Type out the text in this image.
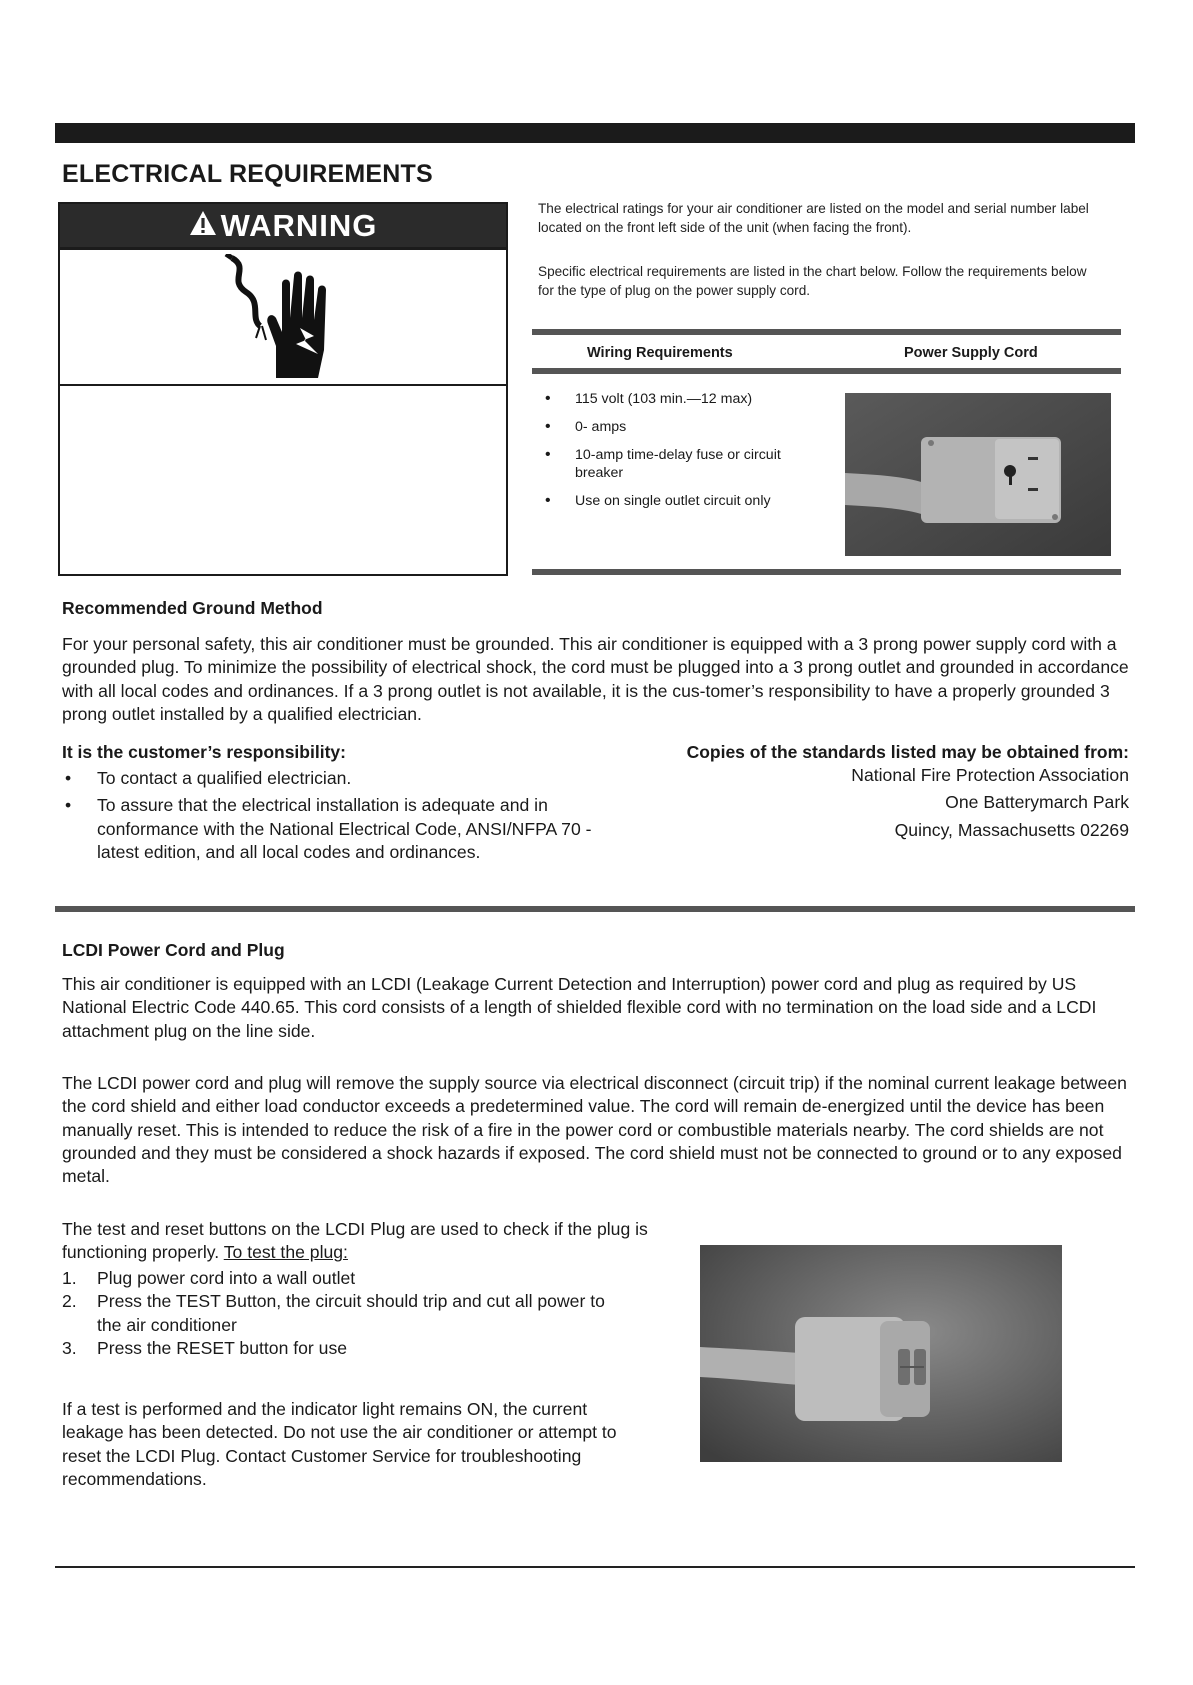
ELECTRICAL REQUIREMENTS
WARNING	The electrical ratings for your air conditioner are listed on the model and serial number label located on the front left side of the unit (when facing the front).
Specific electrical requirements are listed in the chart below. Follow the requirements below for the type of plug on the power supply cord.
Wiring Requirements	Power Supply Cord
• 115 volt (103 min.—12 max)
• 0- amps
• 10-amp time-delay fuse or circuit breaker
• Use on single outlet circuit only
Recommended Ground Method
For your personal safety, this air conditioner must be grounded. This air conditioner is equipped with a 3 prong power supply cord with a grounded plug. To minimize the possibility of electrical shock, the cord must be plugged into a 3 prong outlet and grounded in accordance with all local codes and ordinances. If a 3 prong outlet is not available, it is the cus-tomer’s responsibility to have a properly grounded 3 prong outlet installed by a qualified electrician.
It is the customer’s responsibility:
• To contact a qualified electrician.
• To assure that the electrical installation is adequate and in conformance with the National Electrical Code, ANSI/NFPA 70 - latest edition, and all local codes and ordinances.
Copies of the standards listed may be obtained from:
National Fire Protection Association
One Batterymarch Park
Quincy, Massachusetts 02269
LCDI Power Cord and Plug
This air conditioner is equipped with an LCDI (Leakage Current Detection and Interruption) power cord and plug as required by US National Electric Code 440.65. This cord consists of a length of shielded flexible cord with no termination on the load side and a LCDI attachment plug on the line side.
The LCDI power cord and plug will remove the supply source via electrical disconnect (circuit trip) if the nominal current leakage between the cord shield and either load conductor exceeds a predetermined value. The cord will remain de-energized until the device has been manually reset. This is intended to reduce the risk of a fire in the power cord or combustible materials nearby. The cord shields are not grounded and they must be considered a shock hazards if exposed. The cord shield must not be connected to ground or to any exposed metal.
The test and reset buttons on the LCDI Plug are used to check if the plug is functioning properly. To test the plug:
1. Plug power cord into a wall outlet
2. Press the TEST Button, the circuit should trip and cut all power to the air conditioner
3. Press the RESET button for use
If a test is performed and the indicator light remains ON, the current leakage has been detected. Do not use the air conditioner or attempt to reset the LCDI Plug. Contact Customer Service for troubleshooting recommendations.
